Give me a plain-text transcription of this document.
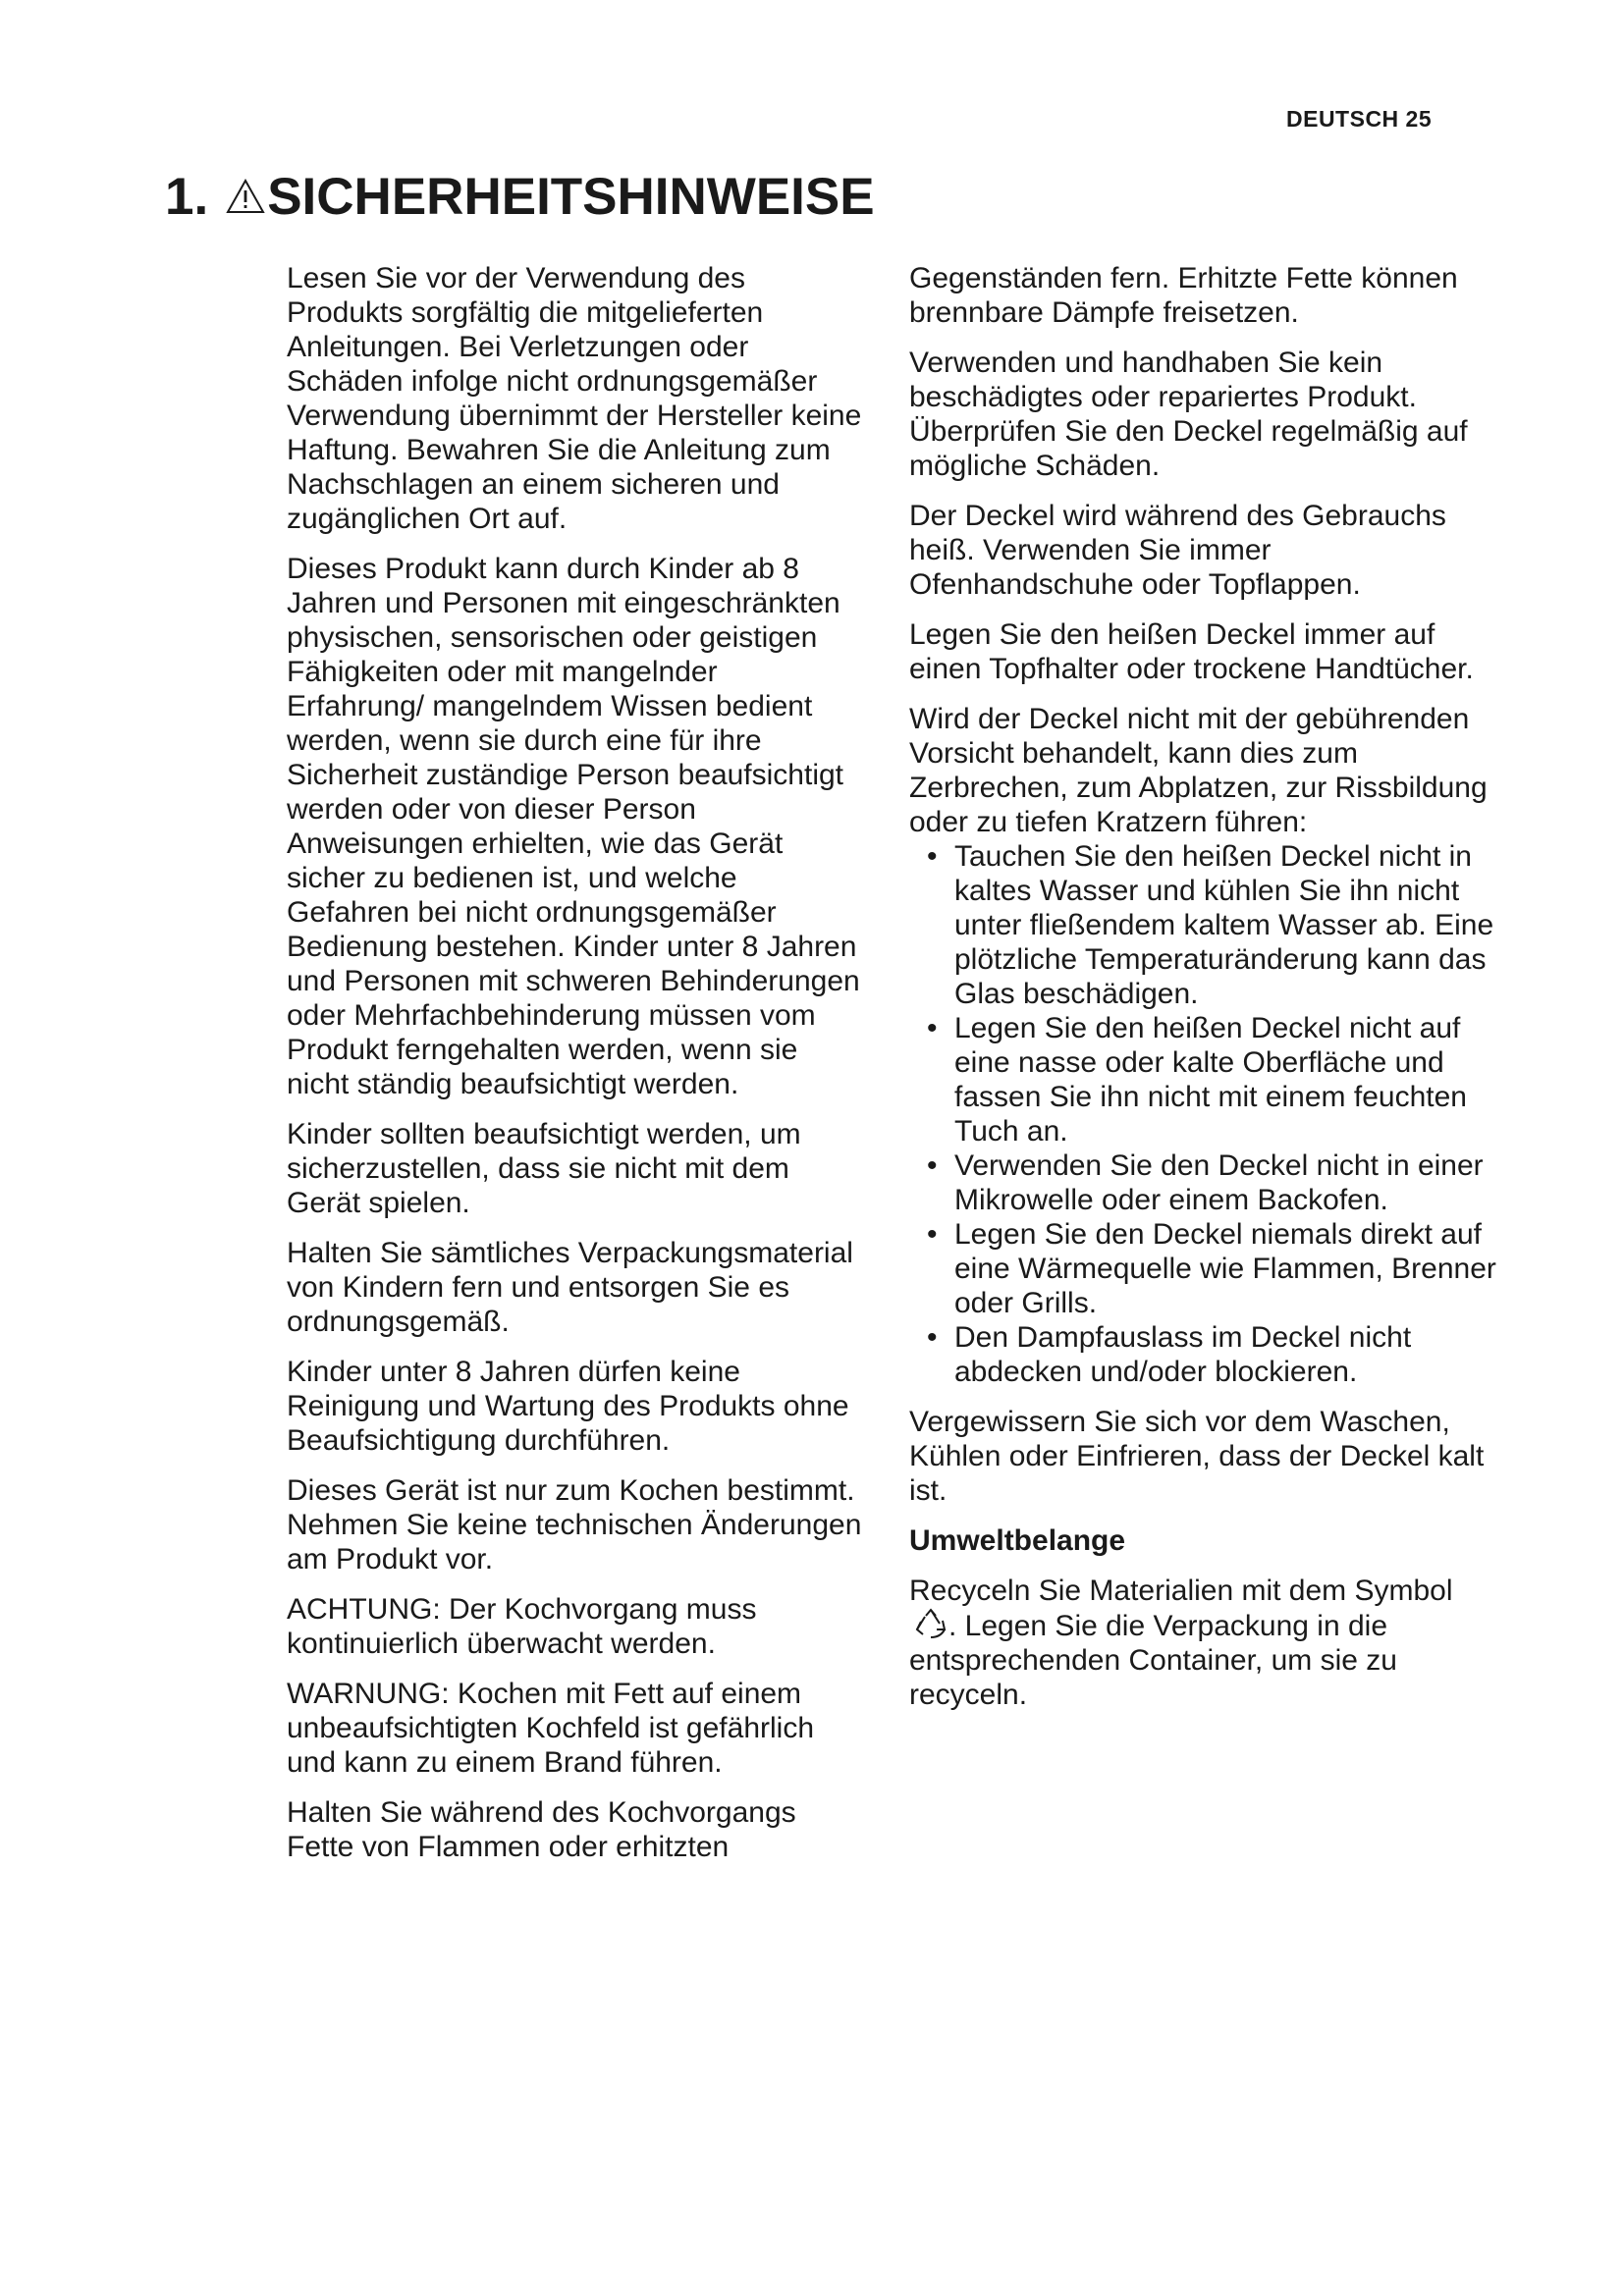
DEUTSCH 25
1. SICHERHEITSHINWEISE

Lesen Sie vor der Verwendung des Produkts sorgfältig die mitgelieferten Anleitungen. Bei Verletzungen oder Schäden infolge nicht ordnungsgemäßer Verwendung übernimmt der Hersteller keine Haftung. Bewahren Sie die Anleitung zum Nachschlagen an einem sicheren und zugänglichen Ort auf.

Dieses Produkt kann durch Kinder ab 8 Jahren und Personen mit eingeschränkten physischen, sensorischen oder geistigen Fähigkeiten oder mit mangelnder Erfahrung/ mangelndem Wissen bedient werden, wenn sie durch eine für ihre Sicherheit zuständige Person beaufsichtigt werden oder von dieser Person Anweisungen erhielten, wie das Gerät sicher zu bedienen ist, und welche Gefahren bei nicht ordnungsgemäßer Bedienung bestehen. Kinder unter 8 Jahren und Personen mit schweren Behinderungen oder Mehrfachbehinderung müssen vom Produkt ferngehalten werden, wenn sie nicht ständig beaufsichtigt werden.

Kinder sollten beaufsichtigt werden, um sicherzustellen, dass sie nicht mit dem Gerät spielen.

Halten Sie sämtliches Verpackungsmaterial von Kindern fern und entsorgen Sie es ordnungsgemäß.

Kinder unter 8 Jahren dürfen keine Reinigung und Wartung des Produkts ohne Beaufsichtigung durchführen.

Dieses Gerät ist nur zum Kochen bestimmt. Nehmen Sie keine technischen Änderungen am Produkt vor.

ACHTUNG: Der Kochvorgang muss kontinuierlich überwacht werden.

WARNUNG: Kochen mit Fett auf einem unbeaufsichtigten Kochfeld ist gefährlich und kann zu einem Brand führen.

Halten Sie während des Kochvorgangs Fette von Flammen oder erhitzten

Gegenständen fern. Erhitzte Fette können brennbare Dämpfe freisetzen.

Verwenden und handhaben Sie kein beschädigtes oder repariertes Produkt. Überprüfen Sie den Deckel regelmäßig auf mögliche Schäden.

Der Deckel wird während des Gebrauchs heiß. Verwenden Sie immer Ofenhandschuhe oder Topflappen.

Legen Sie den heißen Deckel immer auf einen Topfhalter oder trockene Handtücher.

Wird der Deckel nicht mit der gebührenden Vorsicht behandelt, kann dies zum Zerbrechen, zum Abplatzen, zur Rissbildung oder zu tiefen Kratzern führen:

• Tauchen Sie den heißen Deckel nicht in kaltes Wasser und kühlen Sie ihn nicht unter fließendem kaltem Wasser ab. Eine plötzliche Temperaturänderung kann das Glas beschädigen.
• Legen Sie den heißen Deckel nicht auf eine nasse oder kalte Oberfläche und fassen Sie ihn nicht mit einem feuchten Tuch an.
• Verwenden Sie den Deckel nicht in einer Mikrowelle oder einem Backofen.
• Legen Sie den Deckel niemals direkt auf eine Wärmequelle wie Flammen, Brenner oder Grills.
• Den Dampfauslass im Deckel nicht abdecken und/oder blockieren.

Vergewissern Sie sich vor dem Waschen, Kühlen oder Einfrieren, dass der Deckel kalt ist.

Umweltbelange

Recyceln Sie Materialien mit dem Symbol . Legen Sie die Verpackung in die entsprechenden Container, um sie zu recyceln.
